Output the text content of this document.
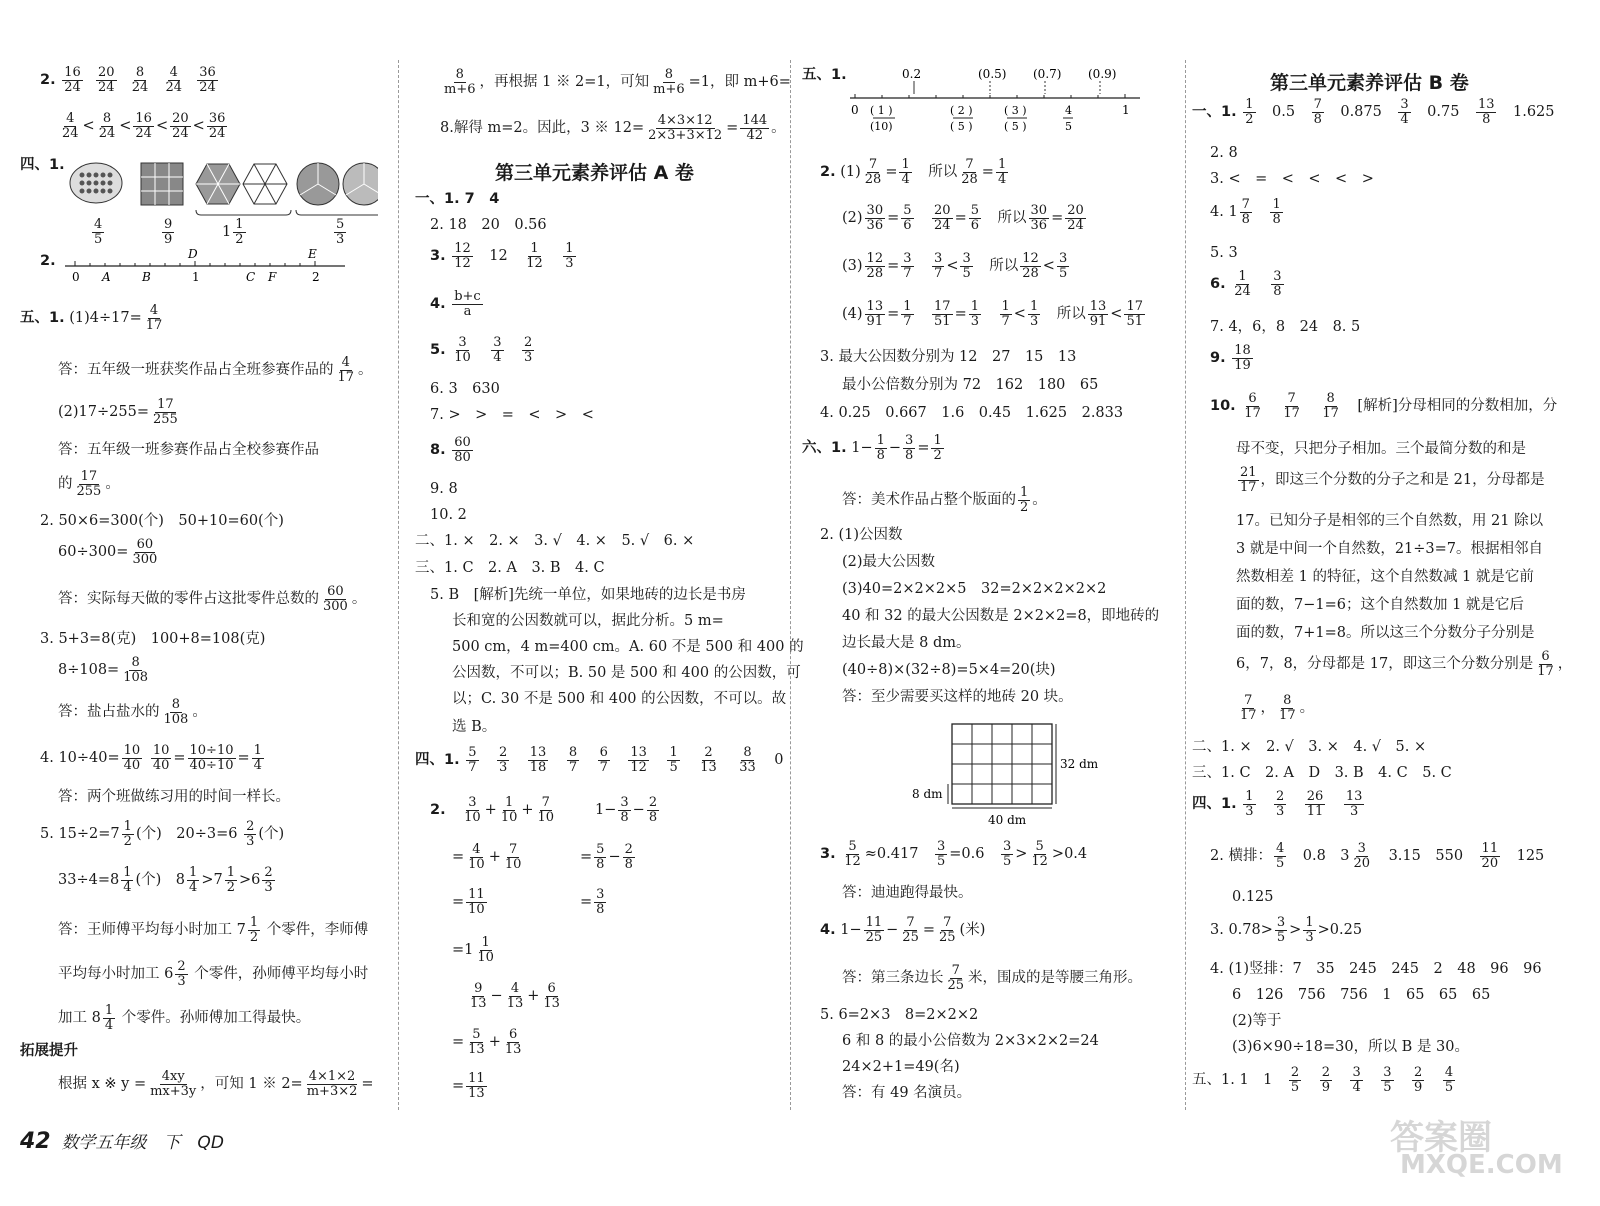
2. $\frac{16}{24}$
$\frac{20}{24}$
$\frac{8}{24}$
$\frac{4}{24}$
$\frac{36}{24}$
$\frac{4}{24} < \frac{8}{24} < \frac{16}{24} < \frac{20}{24} < \frac{36}{24}$
四、1.
$\frac{4}{5}$	$\frac{9}{9}$	$1 \frac{1}{2}$	$\frac{5}{3}$
2.
0 A	B
D
1	C F
E
2
五、1. $(1)4\div 17= \frac{4}{17}$
答：五年级一班获奖作品占全班参赛作品的 $\frac{4}{17}$ 。
$(2)17\div 255= \frac{17}{255}$
答：五年级一班参赛作品占全校参赛作品
的 $\frac{17}{255}$ 。
2. 50×6=300(个)　50+10=60(个)
$60\div 300= \frac{60}{300}$
答：实际每天做的零件占这批零件总数的 $\frac{60}{300}$ 。
3. 5+3=8(克)　100+8=108(克)
$8\div 108= \frac{8}{108}$
答：盐占盐水的 $\frac{8}{108}$ 。
4. $10\div 40= \frac{10}{40}$
$\frac{10}{40} = \frac{10\div 10}{40\div 10} = \frac{1}{4}$
答：两个班做练习用的时间一样长。
5. $15\div 2=7 \frac{1}{2}$ (个)　$20\div 3=6 \frac{2}{3}$ (个)
$33\div 4=8 \frac{1}{4}$ (个)　$8 \frac{1}{4} >7 \frac{1}{2} >6 \frac{2}{3}$
答：王师傅平均每小时加工 $7 \frac{1}{2}$ 个零件，李师傅
平均每小时加工 $6 \frac{2}{3}$ 个零件，孙师傅平均每小时
加工 $8 \frac{1}{4}$ 个零件。孙师傅加工得最快。
拓展提升
根据 x ※ $y = \frac{4xy}{mx+3y}$ ，可知 1 ※ $2= \frac{4\times 1\times 2}{m+3\times 2}$ =
$\frac{8}{m+6}$ ，再根据 1 ※ 2=1，可知 $\frac{8}{m+6} =1$，即 m+6=
8.解得 m=2。因此，3 ※ $12= \frac{4\times 3\times 12}{2\times 3+3\times 12} = \frac{144}{42}$ 。
第三单元素养评估 A 卷
一、1. 7　4
2. 18　20　0.56
3. $\frac{12}{12}$ 　12　 $\frac{1}{12}$
　 $\frac{1}{3}$
4. $\frac{b+c}{a}$
5. $\frac{3}{10}$
　 $\frac{3}{4}$
　 $\frac{2}{3}$
6. 3　630
7. >　>　=　<　>　<
8. $\frac{60}{80}$
9. 8
10. 2
二、1. ×　2. ×　3. √　4. ×　5. √　6. ×
三、1. C　2. A　3. B　4. C
5. B　[解析]先统一单位，如果地砖的边长是书房
长和宽的公因数就可以，据此分析。5 m=
500 cm，4 m=400 cm。A. 60 不是 500 和 400 的
公因数，不可以；B. 50 是 500 和 400 的公因数，可
以；C. 30 不是 500 和 400 的公因数，不可以。故
选 B。
四、1. $\frac{5}{7}$
　 $\frac{2}{3}$
　 $\frac{13}{18}$
　 $\frac{8}{7}$
　 $\frac{6}{7}$
　 $\frac{13}{12}$
　 $\frac{1}{5}$
　 $\frac{2}{13}$
　 $\frac{8}{33}$ 　0
2.　 $\frac{3}{10} + \frac{1}{10} + \frac{7}{10}$	$1- \frac{3}{8} - \frac{2}{8}$
= $\frac{4}{10} + \frac{7}{10}$	= $\frac{5}{8} - \frac{2}{8}$
= $\frac{11}{10}$	= $\frac{3}{8}$
$=1 \frac{1}{10}$
$\frac{9}{13} - \frac{4}{13} + \frac{6}{13}$
= $\frac{5}{13} + \frac{6}{13}$
= $\frac{11}{13}$
五、1.	0.2	(0.5) (0.7) (0.9)
0 ( 1 )
(10)
( 2 )
( 5 )
( 3 )
( 5 )
4
5
1
2. $(1) \frac{7}{28} = \frac{1}{4}$ 　所以 $\frac{7}{28} = \frac{1}{4}$
$(2) \frac{30}{36} = \frac{5}{6}$
　 $\frac{20}{24} = \frac{5}{6}$ 　所以 $\frac{30}{36} = \frac{20}{24}$
$(3) \frac{12}{28} = \frac{3}{7}$
　 $\frac{3}{7} < \frac{3}{5}$ 　所以 $\frac{12}{28} < \frac{3}{5}$
$(4) \frac{13}{91} = \frac{1}{7}$
　 $\frac{17}{51} = \frac{1}{3}$
　 $\frac{1}{7} < \frac{1}{3}$ 　所以 $\frac{13}{91} < \frac{17}{51}$
3. 最大公因数分别为 12　27　15　13
最小公倍数分别为 72　162　180　65
4. 0.25　0.667　1.6　0.45　1.625　2.833
六、1. $1- \frac{1}{8} - \frac{3}{8} = \frac{1}{2}$
答：美术作品占整个版面的 $\frac{1}{2}$ 。
2. (1)公因数
(2)最大公因数
(3)40=2×2×2×5　32=2×2×2×2×2
40 和 32 的最大公因数是 2×2×2=8，即地砖的
边长最大是 8 dm。
(40÷8)×(32÷8)=5×4=20(块)
答：至少需要买这样的地砖 20 块。
8 dm
32 dm
40 dm
3. $\frac{5}{12} \approx 0.417$　 $\frac{3}{5} =0.6$　 $\frac{3}{5} > \frac{5}{12} >0.4$
答：迪迪跑得最快。
4. $1- \frac{11}{25} - \frac{7}{25} = \frac{7}{25}$ (米)
答：第三条边长 $\frac{7}{25}$ 米，围成的是等腰三角形。
5. 6=2×3　8=2×2×2
6 和 8 的最小公倍数为 2×3×2×2=24
24×2+1=49(名)
答：有 49 名演员。
第三单元素养评估 B 卷
一、1. $\frac{1}{2}$ 　0.5　 $\frac{7}{8}$ 　0.875　 $\frac{3}{4}$ 　0.75　 $\frac{13}{8}$ 　1.625
2. 8
3. <　=　<　<　<　>
4. $1 \frac{7}{8}$
　 $\frac{1}{8}$
5. 3
6. $\frac{1}{24}$
　 $\frac{3}{8}$
7. 4，6，8　24　8. 5
9. $\frac{18}{19}$
10. $\frac{6}{17}$
　 $\frac{7}{17}$
　 $\frac{8}{17}$ 　[解析]分母相同的分数相加，分
母不变，只把分子相加。三个最简分数的和是
$\frac{21}{17}$ ，即这三个分数的分子之和是 21，分母都是
17。已知分子是相邻的三个自然数，用 21 除以
3 就是中间一个自然数，21÷3=7。根据相邻自
然数相差 1 的特征，这个自然数减 1 就是它前
面的数，7−1=6；这个自然数加 1 就是它后
面的数，7+1=8。所以这三个分数分子分别是
6，7，8，分母都是 17，即这三个分数分别是 $\frac{6}{17}$ ，
$\frac{7}{17}$ ， $\frac{8}{17}$ 。
二、1. ×　2. √　3. ×　4. √　5. ×
三、1. C　2. A　D　3. B　4. C　5. C
四、1. $\frac{1}{3}$
　 $\frac{2}{3}$
　 $\frac{26}{11}$
　 $\frac{13}{3}$
2. 横排： $\frac{4}{5}$ 　0.8　$3 \frac{3}{20}$ 　3.15　550　 $\frac{11}{20}$ 　125
0.125
3. $0.78> \frac{3}{5} > \frac{1}{3} >0.25$
4. (1)竖排：7　35　245　245　2　48　96　96
6　126　756　756　1　65　65　65
(2)等于
(3)6×90÷18=30，所以 B 是 30。
五、1. 1　1　 $\frac{2}{5}$
　 $\frac{2}{9}$
　 $\frac{3}{4}$
　 $\frac{3}{5}$
　 $\frac{2}{9}$
　 $\frac{4}{5}$
42 数学五年级　下　QD	答案圈
MXQE.COM
